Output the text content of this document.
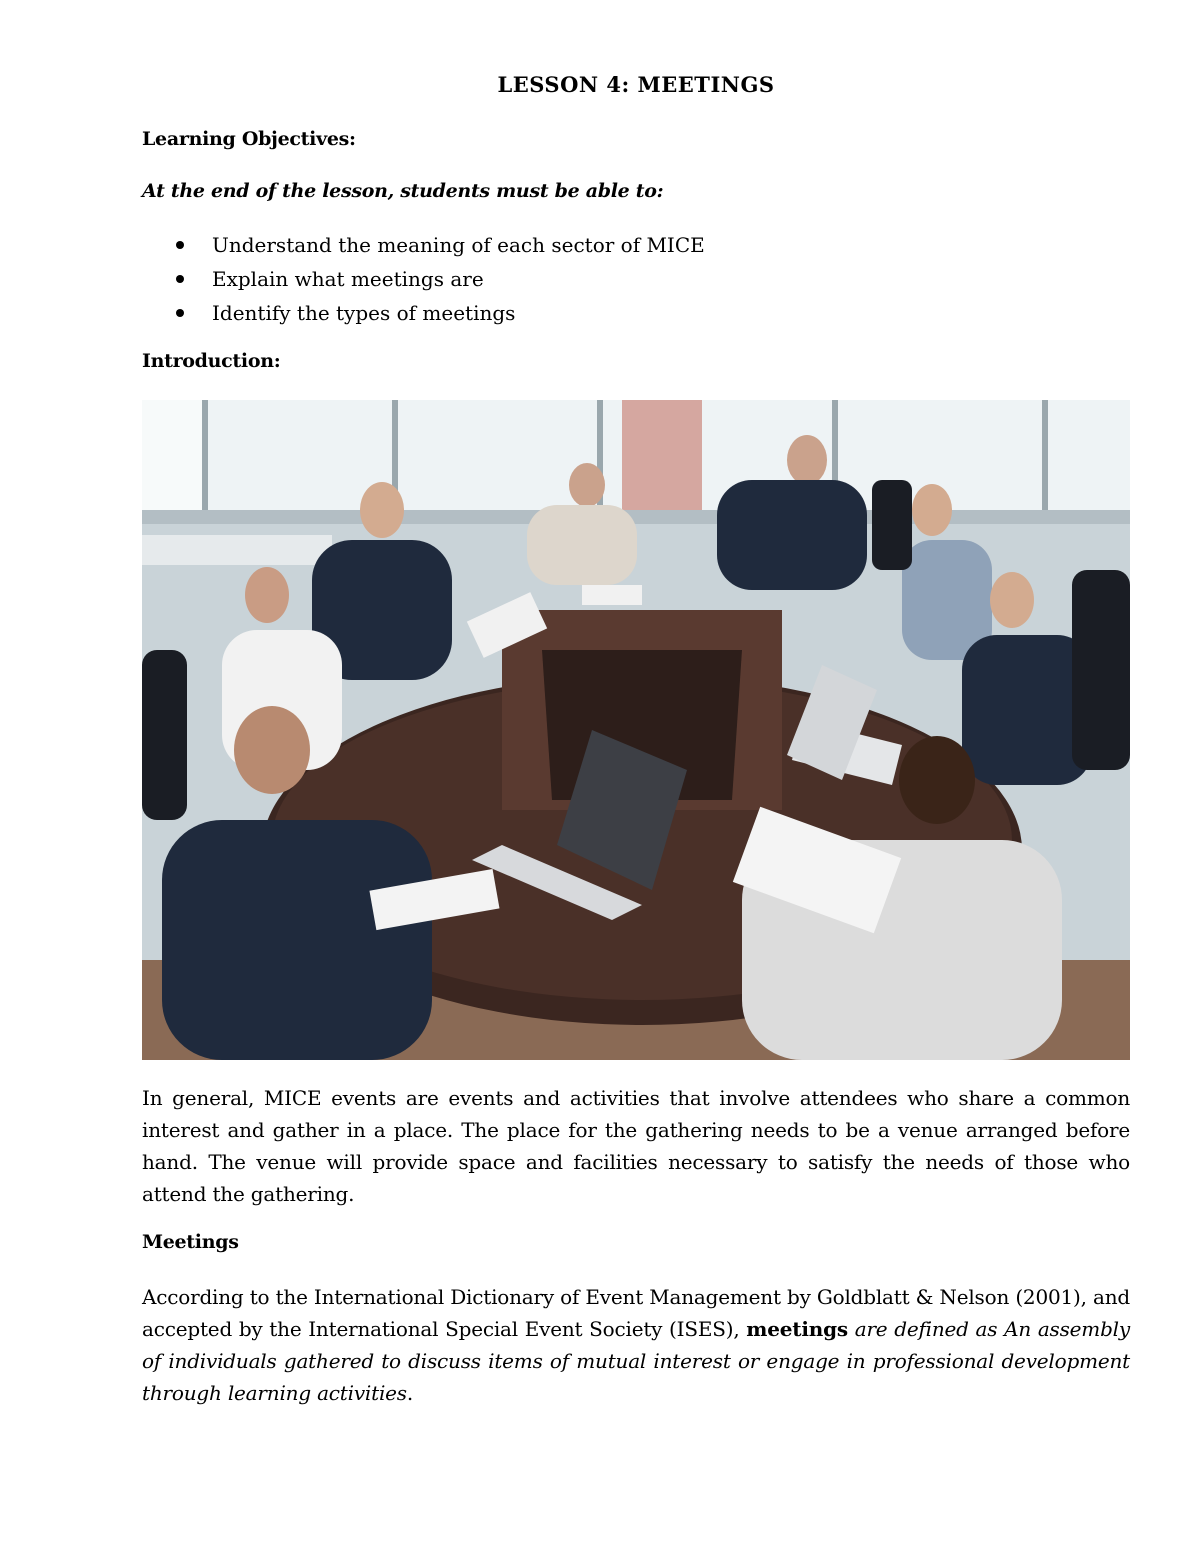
LESSON 4: MEETINGS
Learning Objectives:

At the end of the lesson, students must be able to:

Understand the meaning of each sector of MICE
Explain what meetings are
Identify the types of meetings
Introduction:

In general, MICE events are events and activities that involve attendees who share a common interest and gather in a place. The place for the gathering needs to be a venue arranged before hand. The venue will provide space and facilities necessary to satisfy the needs of those who attend the gathering.

Meetings

According to the International Dictionary of Event Management by Goldblatt & Nelson (2001), and accepted by the International Special Event Society (ISES), meetings are defined as An assembly of individuals gathered to discuss items of mutual interest or engage in professional development through learning activities.
